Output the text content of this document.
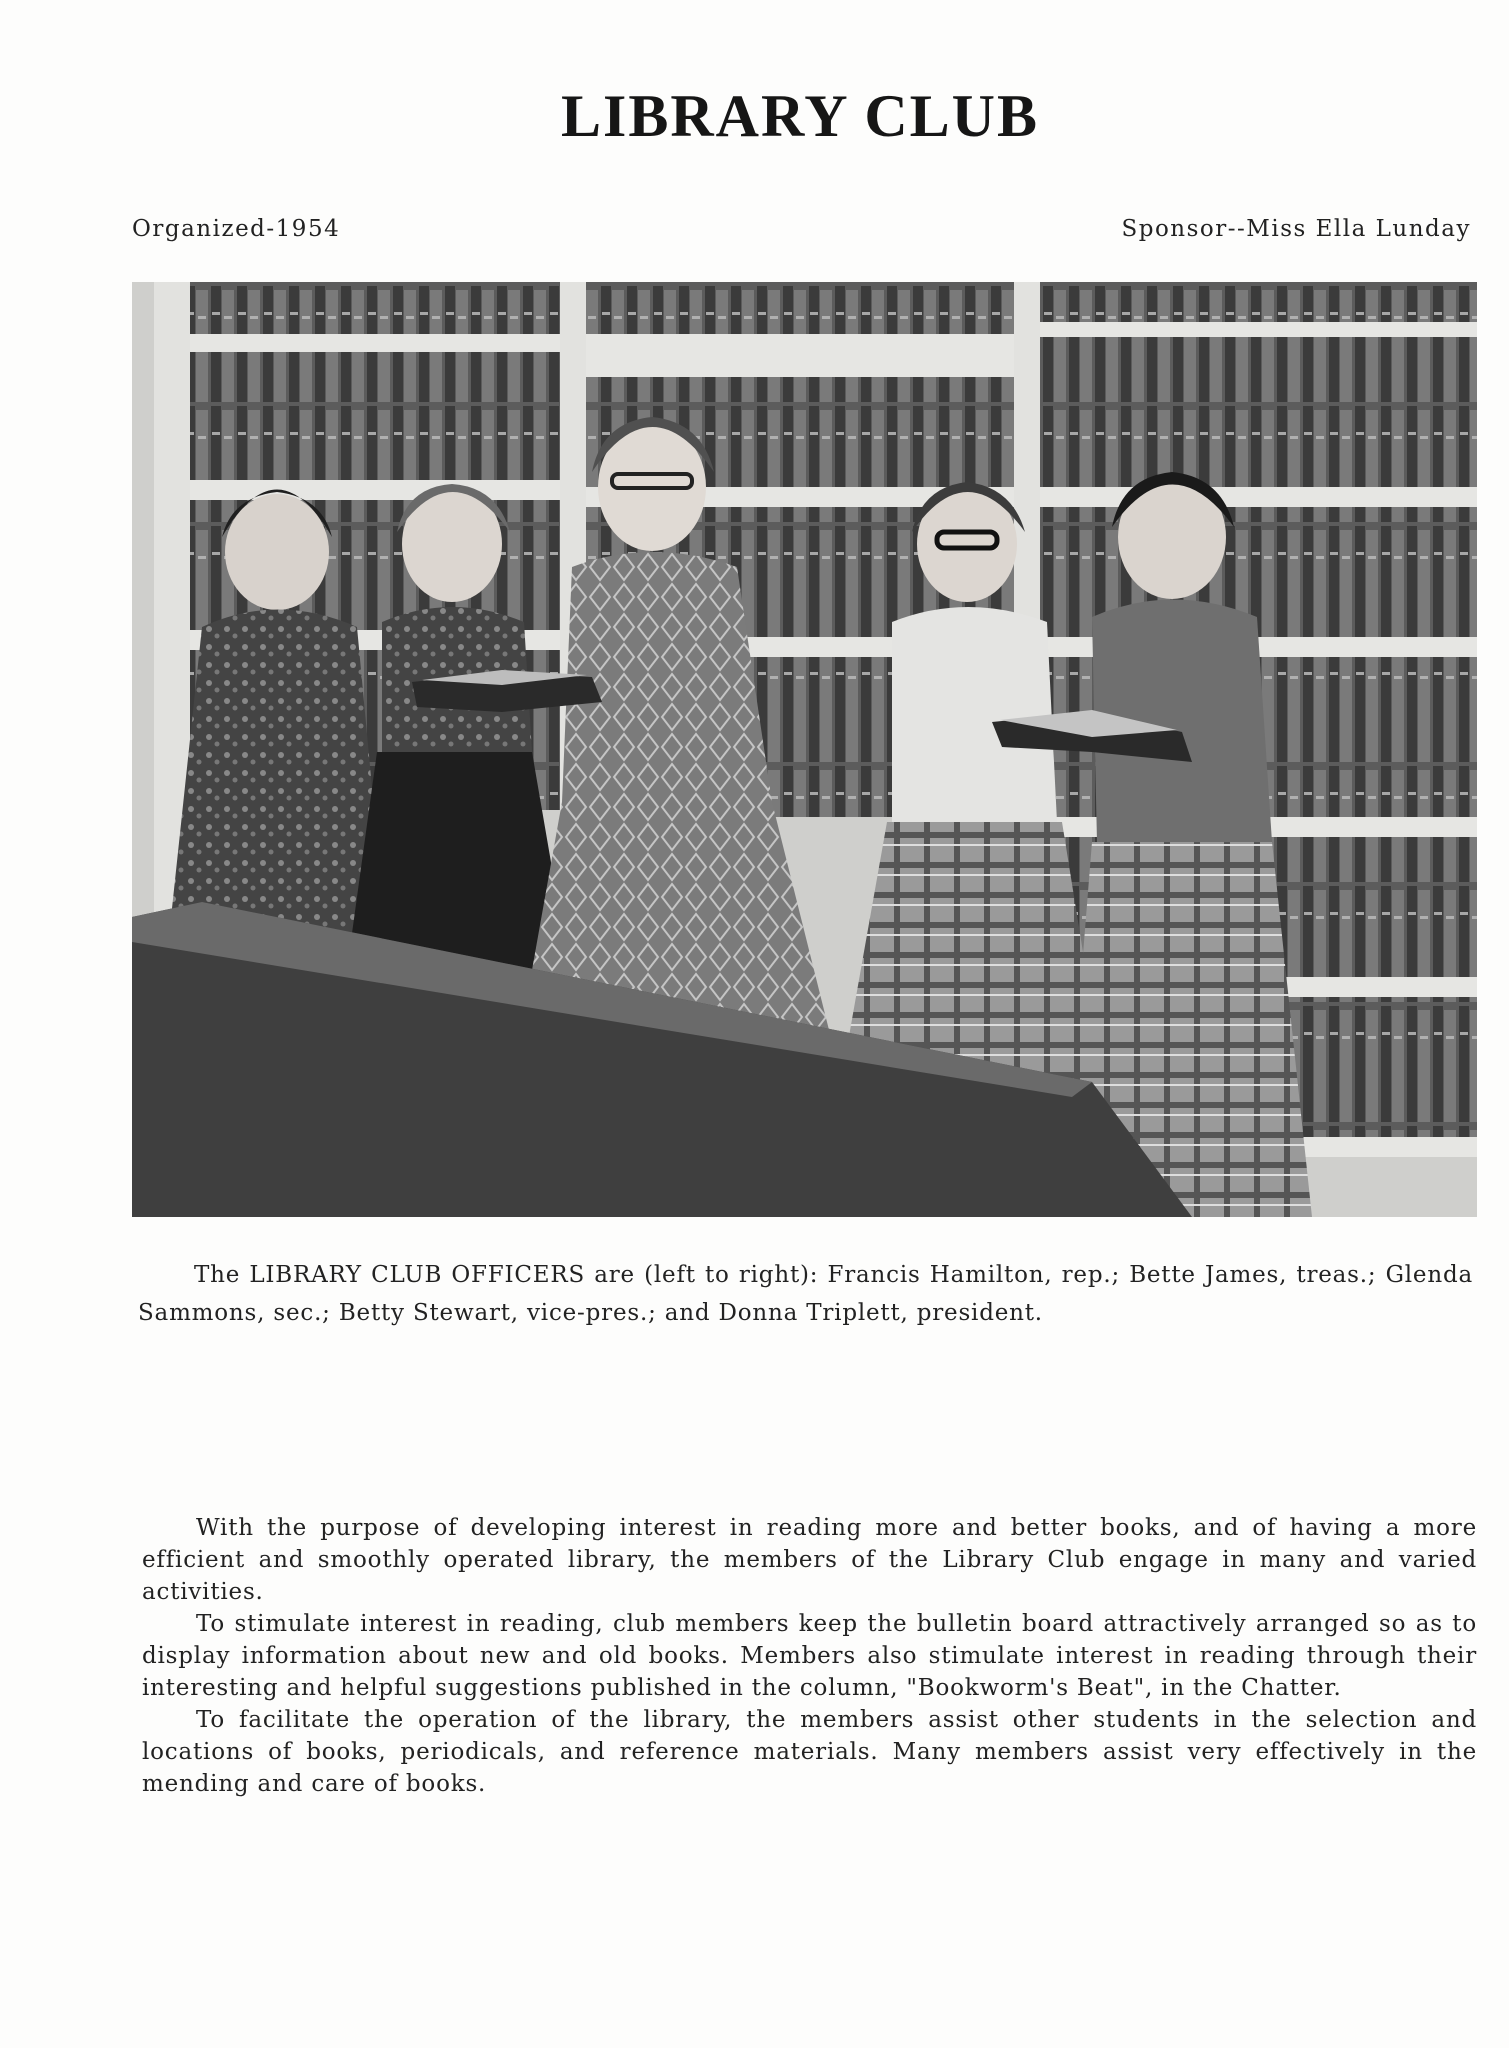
LIBRARY CLUB
Organized-1954	Sponsor--Miss Ella Lunday

The LIBRARY CLUB OFFICERS are (left to right): Francis Hamilton, rep.; Bette James, treas.; Glenda Sammons, sec.; Betty Stewart, vice-pres.; and Donna Triplett, president.

With the purpose of developing interest in reading more and better books, and of having a more efficient and smoothly operated library, the members of the Library Club engage in many and varied activities.

To stimulate interest in reading, club members keep the bulletin board attractively arranged so as to display information about new and old books. Members also stimulate interest in reading through their interesting and helpful suggestions published in the column, "Bookworm's Beat", in the Chatter.

To facilitate the operation of the library, the members assist other students in the selection and locations of books, periodicals, and reference materials. Many members assist very effectively in the mending and care of books.
